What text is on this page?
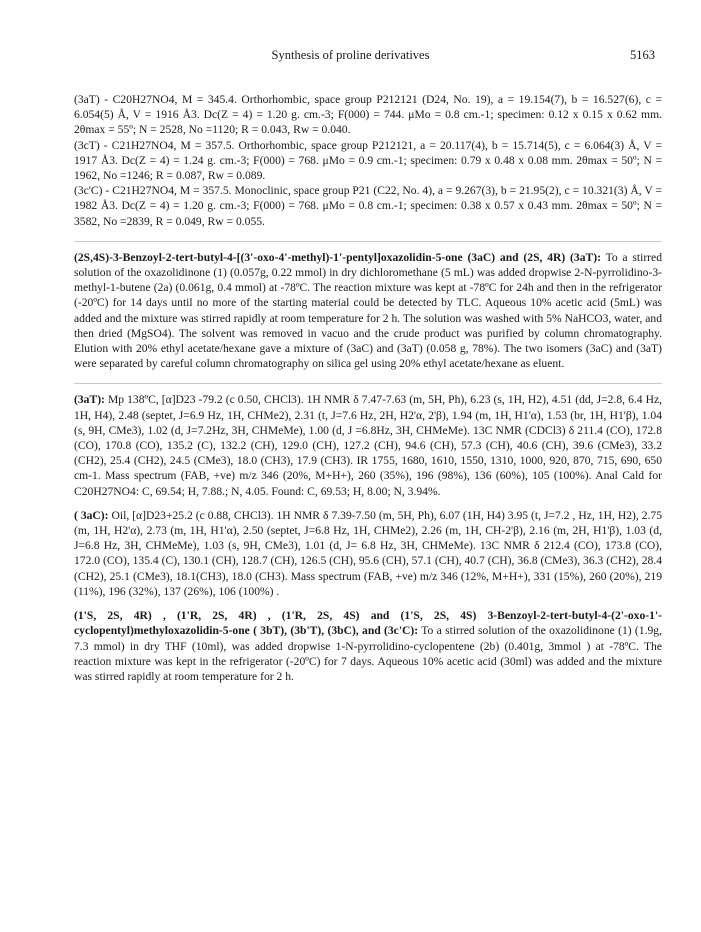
Synthesis of proline derivatives	5163

(3aT) - C20H27NO4, M = 345.4. Orthorhombic, space group P212121 (D24, No. 19), a = 19.154(7), b = 16.527(6), c = 6.054(5) Å, V = 1916 Å3. Dc(Z = 4) = 1.20 g. cm.-3; F(000) = 744. μMo = 0.8 cm.-1; specimen: 0.12 x 0.15 x 0.62 mm. 2θmax = 55º; N = 2528, No =1120; R = 0.043, Rw = 0.040.

(3cT) - C21H27NO4, M = 357.5. Orthorhombic, space group P212121, a = 20.117(4), b = 15.714(5), c = 6.064(3) Å, V = 1917 Å3. Dc(Z = 4) = 1.24 g. cm.-3; F(000) = 768. μMo = 0.9 cm.-1; specimen: 0.79 x 0.48 x 0.08 mm. 2θmax = 50º; N = 1962, No =1246; R = 0.087, Rw = 0.089.

(3c'C) - C21H27NO4, M = 357.5. Monoclinic, space group P21 (C22, No. 4), a = 9.267(3), b = 21.95(2), c = 10.321(3) Å, V = 1982 Å3. Dc(Z = 4) = 1.20 g. cm.-3; F(000) = 768. μMo = 0.8 cm.-1; specimen: 0.38 x 0.57 x 0.43 mm. 2θmax = 50º; N = 3582, No =2839, R = 0.049, Rw = 0.055.

(2S,4S)-3-Benzoyl-2-tert-butyl-4-[(3'-oxo-4'-methyl)-1'-pentyl]oxazolidin-5-one (3aC) and (2S, 4R) (3aT): To a stirred solution of the oxazolidinone (1) (0.057g, 0.22 mmol) in dry dichloromethane (5 mL) was added dropwise 2-N-pyrrolidino-3-methyl-1-butene (2a) (0.061g, 0.4 mmol) at -78ºC. The reaction mixture was kept at -78ºC for 24h and then in the refrigerator (-20ºC) for 14 days until no more of the starting material could be detected by TLC. Aqueous 10% acetic acid (5mL) was added and the mixture was stirred rapidly at room temperature for 2 h. The solution was washed with 5% NaHCO3, water, and then dried (MgSO4). The solvent was removed in vacuo and the crude product was purified by column chromatography. Elution with 20% ethyl acetate/hexane gave a mixture of (3aC) and (3aT) (0.058 g, 78%). The two isomers (3aC) and (3aT) were separated by careful column chromatography on silica gel using 20% ethyl acetate/hexane as eluent.

(3aT): Mp 138ºC, [α]D23 -79.2 (c 0.50, CHCl3). 1H NMR δ 7.47-7.63 (m, 5H, Ph), 6.23 (s, 1H, H2), 4.51 (dd, J=2.8, 6.4 Hz, 1H, H4), 2.48 (septet, J=6.9 Hz, 1H, CHMe2), 2.31 (t, J=7.6 Hz, 2H, H2'α, 2'β), 1.94 (m, 1H, H1'α), 1.53 (br, 1H, H1'β), 1.04 (s, 9H, CMe3), 1.02 (d, J=7.2Hz, 3H, CHMeMe), 1.00 (d, J =6.8Hz, 3H, CHMeMe). 13C NMR (CDCl3) δ 211.4 (CO), 172.8 (CO), 170.8 (CO), 135.2 (C), 132.2 (CH), 129.0 (CH), 127.2 (CH), 94.6 (CH), 57.3 (CH), 40.6 (CH), 39.6 (CMe3), 33.2 (CH2), 25.4 (CH2), 24.5 (CMe3), 18.0 (CH3), 17.9 (CH3). IR 1755, 1680, 1610, 1550, 1310, 1000, 920, 870, 715, 690, 650 cm-1. Mass spectrum (FAB, +ve) m/z 346 (20%, M+H+), 260 (35%), 196 (98%), 136 (60%), 105 (100%). Anal Cald for C20H27NO4: C, 69.54; H, 7.88.; N, 4.05. Found: C, 69.53; H, 8.00; N, 3.94%.

( 3aC): Oil, [α]D23+25.2 (c 0.88, CHCl3). 1H NMR δ 7.39-7.50 (m, 5H, Ph), 6.07 (1H, H4) 3.95 (t, J=7.2 , Hz, 1H, H2), 2.75 (m, 1H, H2'α), 2.73 (m, 1H, H1'α), 2.50 (septet, J=6.8 Hz, 1H, CHMe2), 2.26 (m, 1H, CH-2'β), 2.16 (m, 2H, H1'β), 1.03 (d, J=6.8 Hz, 3H, CHMeMe), 1.03 (s, 9H, CMe3), 1.01 (d, J= 6.8 Hz, 3H, CHMeMe). 13C NMR δ 212.4 (CO), 173.8 (CO), 172.0 (CO), 135.4 (C), 130.1 (CH), 128.7 (CH), 126.5 (CH), 95.6 (CH), 57.1 (CH), 40.7 (CH), 36.8 (CMe3), 36.3 (CH2), 28.4 (CH2), 25.1 (CMe3), 18.1(CH3), 18.0 (CH3). Mass spectrum (FAB, +ve) m/z 346 (12%, M+H+), 331 (15%), 260 (20%), 219 (11%), 196 (32%), 137 (26%), 106 (100%) .

(1'S, 2S, 4R) , (1'R, 2S, 4R) , (1'R, 2S, 4S) and (1'S, 2S, 4S) 3-Benzoyl-2-tert-butyl-4-(2'-oxo-1'-cyclopentyl)methyloxazolidin-5-one ( 3bT), (3b'T), (3bC), and (3c'C): To a stirred solution of the oxazolidinone (1) (1.9g, 7.3 mmol) in dry THF (10ml), was added dropwise 1-N-pyrrolidino-cyclopentene (2b) (0.401g, 3mmol ) at -78ºC. The reaction mixture was kept in the refrigerator (-20ºC) for 7 days. Aqueous 10% acetic acid (30ml) was added and the mixture was stirred rapidly at room temperature for 2 h.
